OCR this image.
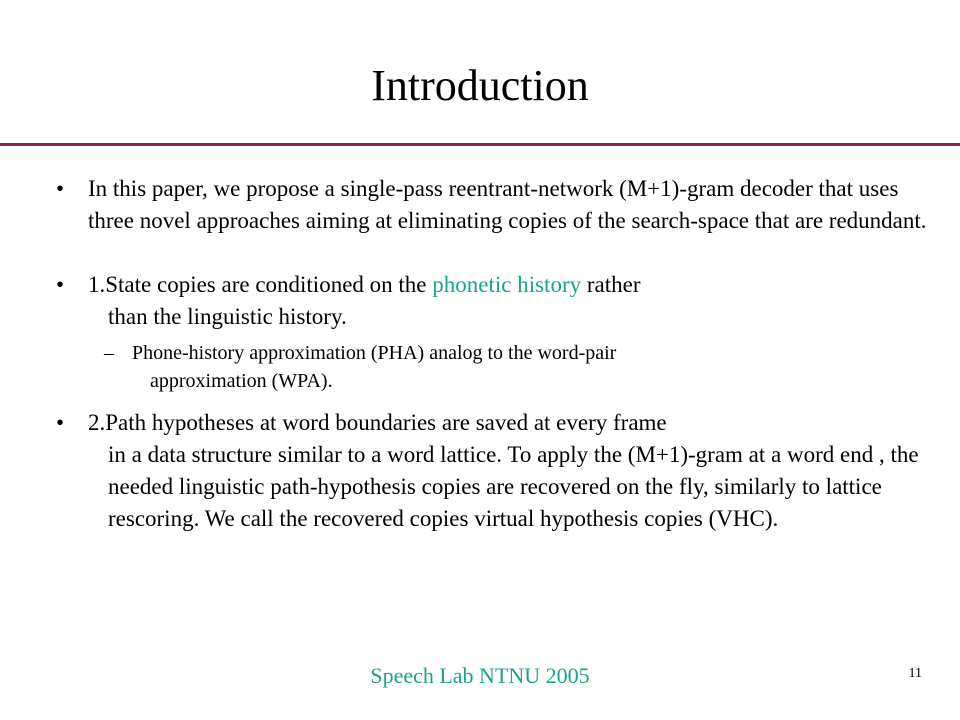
Introduction
• In this paper, we propose a single-pass reentrant-network (M+1)-gram decoder that uses three novel approaches aiming at eliminating copies of the search-space that are redundant.
• 1.State copies are conditioned on the phonetic history rather
than the linguistic history.
– Phone-history approximation (PHA) analog to the word-pair
approximation (WPA).
• 2.Path hypotheses at word boundaries are saved at every frame
in a data structure similar to a word lattice. To apply the (M+1)-gram at a word end , the needed linguistic path-hypothesis copies are recovered on the fly, similarly to lattice rescoring. We call the recovered copies virtual hypothesis copies (VHC).
Speech Lab NTNU 2005	11
